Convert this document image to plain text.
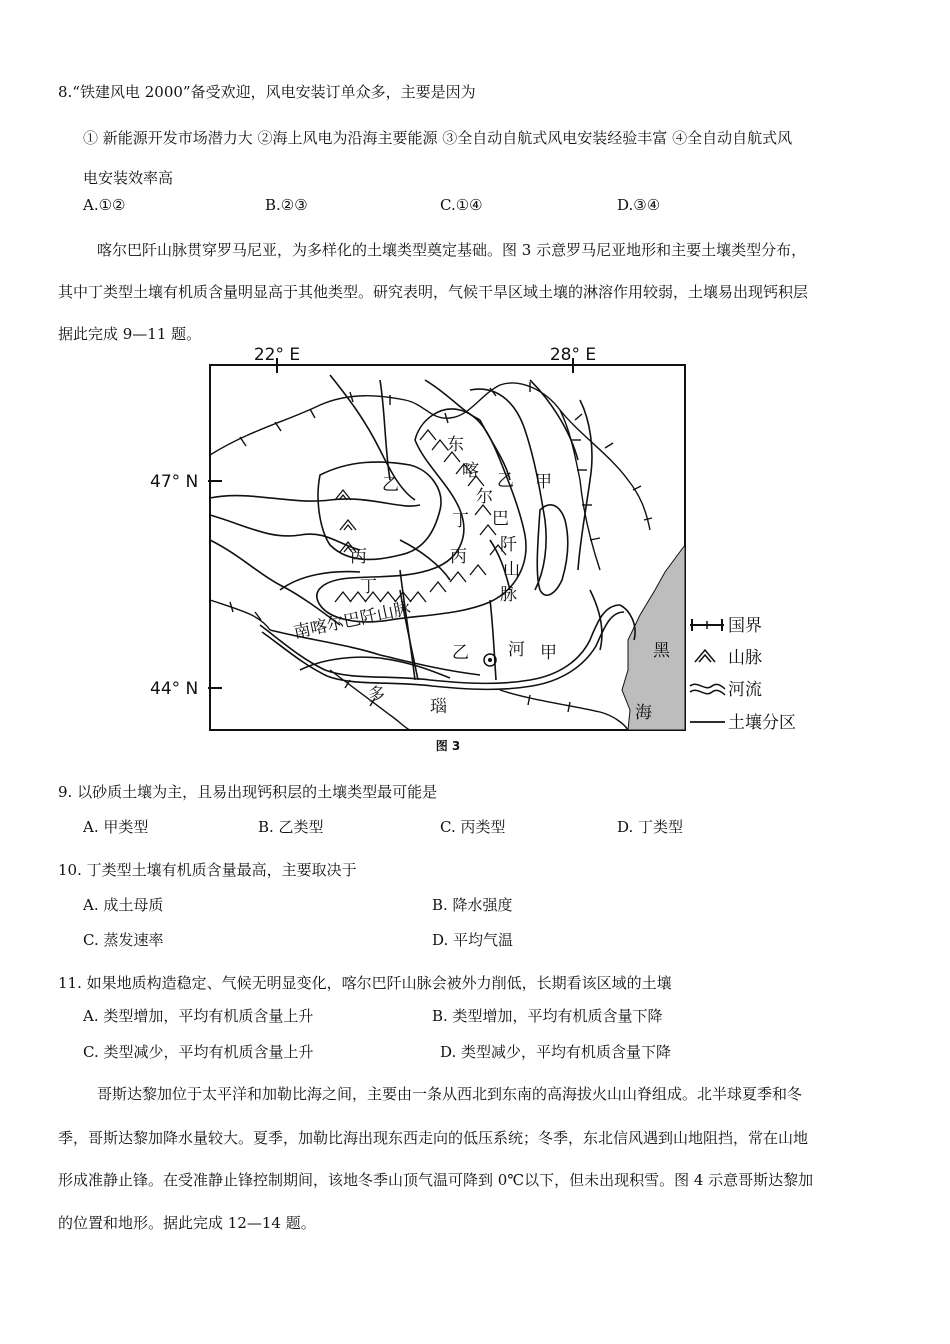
8.“铁建风电 2000”备受欢迎，风电安装订单众多，主要是因为
① 新能源开发市场潜力大 ②海上风电为沿海主要能源 ③全自动自航式风电安装经验丰富 ④全自动自航式风
电安装效率高
A.①②	B.②③	C.①④	D.③④
喀尔巴阡山脉贯穿罗马尼亚，为多样化的土壤类型奠定基础。图 3 示意罗马尼亚地形和主要土壤类型分布，
其中丁类型土壤有机质含量明显高于其他类型。研究表明，气候干旱区域土壤的淋溶作用较弱，土壤易出现钙积层
据此完成 9—11 题。
22° E	28° E
47° N
44° N
东
喀
尔
巴
阡
山
脉
南喀尔巴阡山脉
乙	乙
乙
甲
甲
丙	丙
丁
丁
多
瑙
河	黑
海
国界
山脉
河流
土壤分区
图 3
9. 以砂质土壤为主，且易出现钙积层的土壤类型最可能是
A. 甲类型	B. 乙类型	C. 丙类型	D. 丁类型
10. 丁类型土壤有机质含量最高，主要取决于
A. 成土母质	B. 降水强度
C. 蒸发速率	D. 平均气温
11. 如果地质构造稳定、气候无明显变化，喀尔巴阡山脉会被外力削低，长期看该区域的土壤
A. 类型增加，平均有机质含量上升	B. 类型增加，平均有机质含量下降
C. 类型减少，平均有机质含量上升	D. 类型减少，平均有机质含量下降
哥斯达黎加位于太平洋和加勒比海之间，主要由一条从西北到东南的高海拔火山山脊组成。北半球夏季和冬
季，哥斯达黎加降水量较大。夏季，加勒比海出现东西走向的低压系统；冬季，东北信风遇到山地阻挡，常在山地
形成准静止锋。在受准静止锋控制期间，该地冬季山顶气温可降到 0℃以下，但未出现积雪。图 4 示意哥斯达黎加
的位置和地形。据此完成 12—14 题。
